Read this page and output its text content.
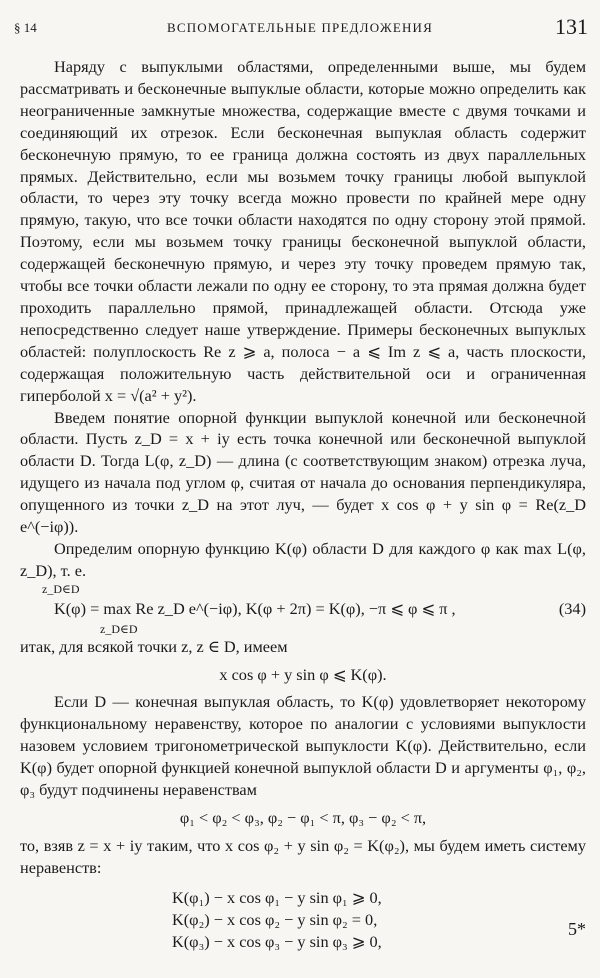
§ 14	ВСПОМОГАТЕЛЬНЫЕ ПРЕДЛОЖЕНИЯ	131

Наряду с выпуклыми областями, определенными выше, мы будем рассматривать и бесконечные выпуклые области, которые можно определить как неограниченные замкнутые множества, содержащие вместе с двумя точками и соединяющий их отрезок. Если бесконечная выпуклая область содержит бесконечную прямую, то ее граница должна состоять из двух параллельных прямых. Действительно, если мы возьмем точку границы любой выпуклой области, то через эту точку всегда можно провести по крайней мере одну прямую, такую, что все точки области находятся по одну сторону этой прямой. Поэтому, если мы возьмем точку границы бесконечной выпуклой области, содержащей бесконечную прямую, и через эту точку проведем прямую так, чтобы все точки области лежали по одну ее сторону, то эта прямая должна будет проходить параллельно прямой, принадлежащей области. Отсюда уже непосредственно следует наше утверждение. Примеры бесконечных выпуклых областей: полуплоскость Re z ⩾ a, полоса − a ⩽ Im z ⩽ a, часть плоскости, содержащая положительную часть действительной оси и ограниченная гиперболой x = √(a² + y²).

Введем понятие опорной функции выпуклой конечной или бесконечной области. Пусть z_D = x + iy есть точка конечной или бесконечной выпуклой области D. Тогда L(φ, z_D) — длина (с соответствующим знаком) отрезка луча, идущего из начала под углом φ, считая от начала до основания перпендикуляра, опущенного из точки z_D на этот луч, — будет x cos φ + y sin φ = Re(z_D e^(−iφ)).

Определим опорную функцию K(φ) области D для каждого φ как max L(φ, z_D), т. е.

z_D∈D
K(φ) = max Re z_D e^(−iφ), K(φ + 2π) = K(φ), −π ⩽ φ ⩽ π ,	(34)
z_D∈D

итак, для всякой точки z, z ∈ D, имеем

x cos φ + y sin φ ⩽ K(φ).

Если D — конечная выпуклая область, то K(φ) удовлетворяет некоторому функциональному неравенству, которое по аналогии с условиями выпуклости назовем условием тригонометрической выпуклости K(φ). Действительно, если K(φ) будет опорной функцией конечной выпуклой области D и аргументы φ₁, φ₂, φ₃ будут подчинены неравенствам

φ₁ < φ₂ < φ₃, φ₂ − φ₁ < π, φ₃ − φ₂ < π,

то, взяв z = x + iy таким, что x cos φ₂ + y sin φ₂ = K(φ₂), мы будем иметь систему неравенств:

K(φ₁) − x cos φ₁ − y sin φ₁ ⩾ 0,
K(φ₂) − x cos φ₂ − y sin φ₂ = 0,
K(φ₃) − x cos φ₃ − y sin φ₃ ⩾ 0,
5*
